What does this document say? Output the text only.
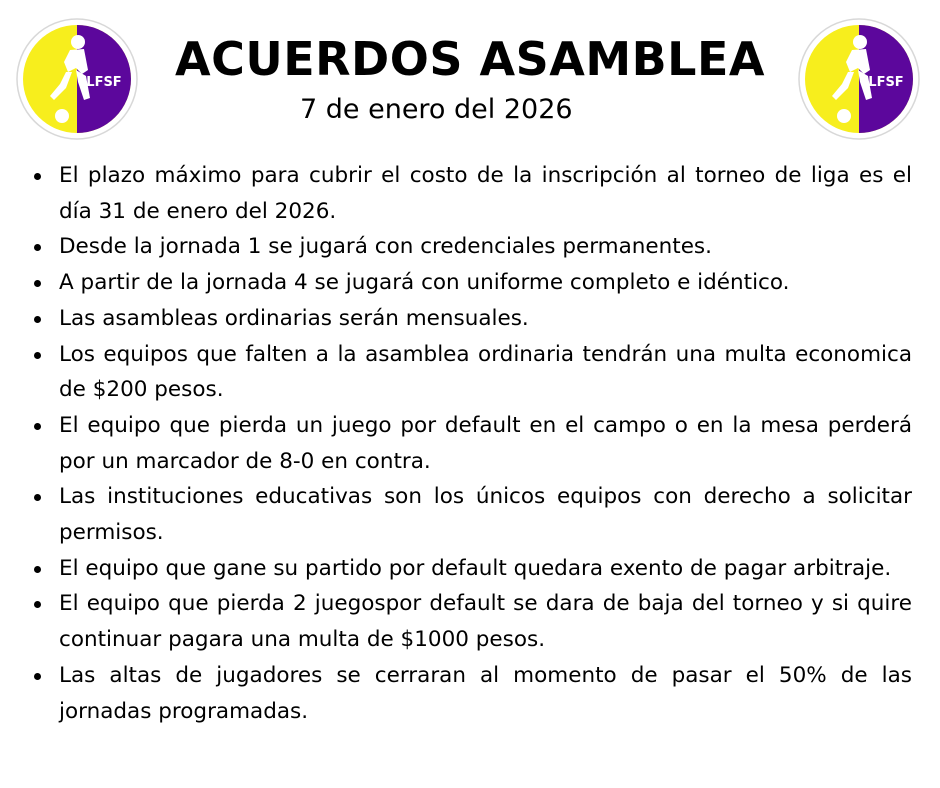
LFSF	LFSF
ACUERDOS ASAMBLEA
7 de enero del 2026
El plazo máximo para cubrir el costo de la inscripción al torneo de liga es el día 31 de enero del 2026.
Desde la jornada 1 se jugará con credenciales permanentes.
A partir de la jornada 4 se jugará con uniforme completo e idéntico.
Las asambleas ordinarias serán mensuales.
Los equipos que falten a la asamblea ordinaria tendrán una multa economica de $200 pesos.
El equipo que pierda un juego por default en el campo o en la mesa perderá por un marcador de 8-0 en contra.
Las instituciones educativas son los únicos equipos con derecho a solicitar permisos.
El equipo que gane su partido por default quedara exento de pagar arbitraje.
El equipo que pierda 2 juegospor default se dara de baja del torneo y si quire continuar pagara una multa de $1000 pesos.
Las altas de jugadores se cerraran al momento de pasar el 50% de las jornadas programadas.
